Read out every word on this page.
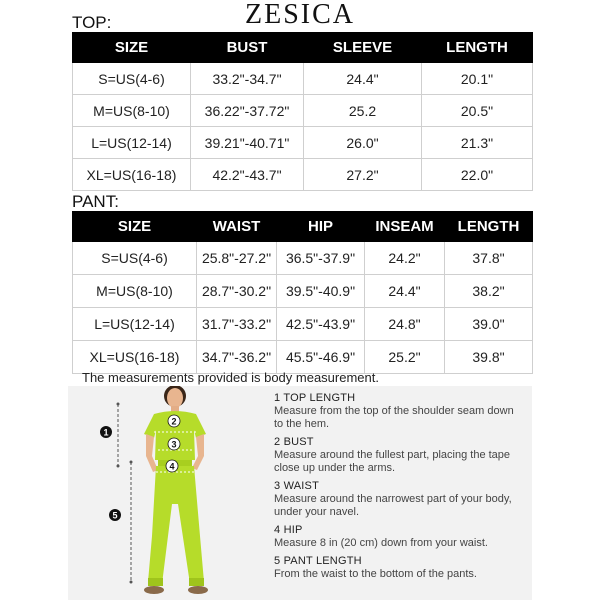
ZESICA
TOP:
SIZE	BUST	SLEEVE	LENGTH
S=US(4-6)	33.2"-34.7"	24.4"	20.1"
M=US(8-10)	36.22"-37.72"	25.2	20.5"
L=US(12-14)	39.21"-40.71"	26.0"	21.3"
XL=US(16-18)	42.2"-43.7"	27.2"	22.0"
PANT:
SIZE	WAIST	HIP	INSEAM	LENGTH
S=US(4-6)	25.8"-27.2"	36.5"-37.9"	24.2"	37.8"
M=US(8-10)	28.7"-30.2"	39.5"-40.9"	24.4"	38.2"
L=US(12-14)	31.7"-33.2"	42.5"-43.9"	24.8"	39.0"
XL=US(16-18)	34.7"-36.2"	45.5"-46.9"	25.2"	39.8"
The measurements provided is body measurement.
1
2
3
4
5
1 TOP LENGTH
Measure from the top of the shoulder seam down to the hem.
2 BUST
Measure around the fullest part, placing the tape close up under the arms.
3 WAIST
Measure around the narrowest part of your body, under your navel.
4 HIP
Measure 8 in (20 cm) down from your waist.
5 PANT LENGTH
From the waist to the bottom of the pants.
